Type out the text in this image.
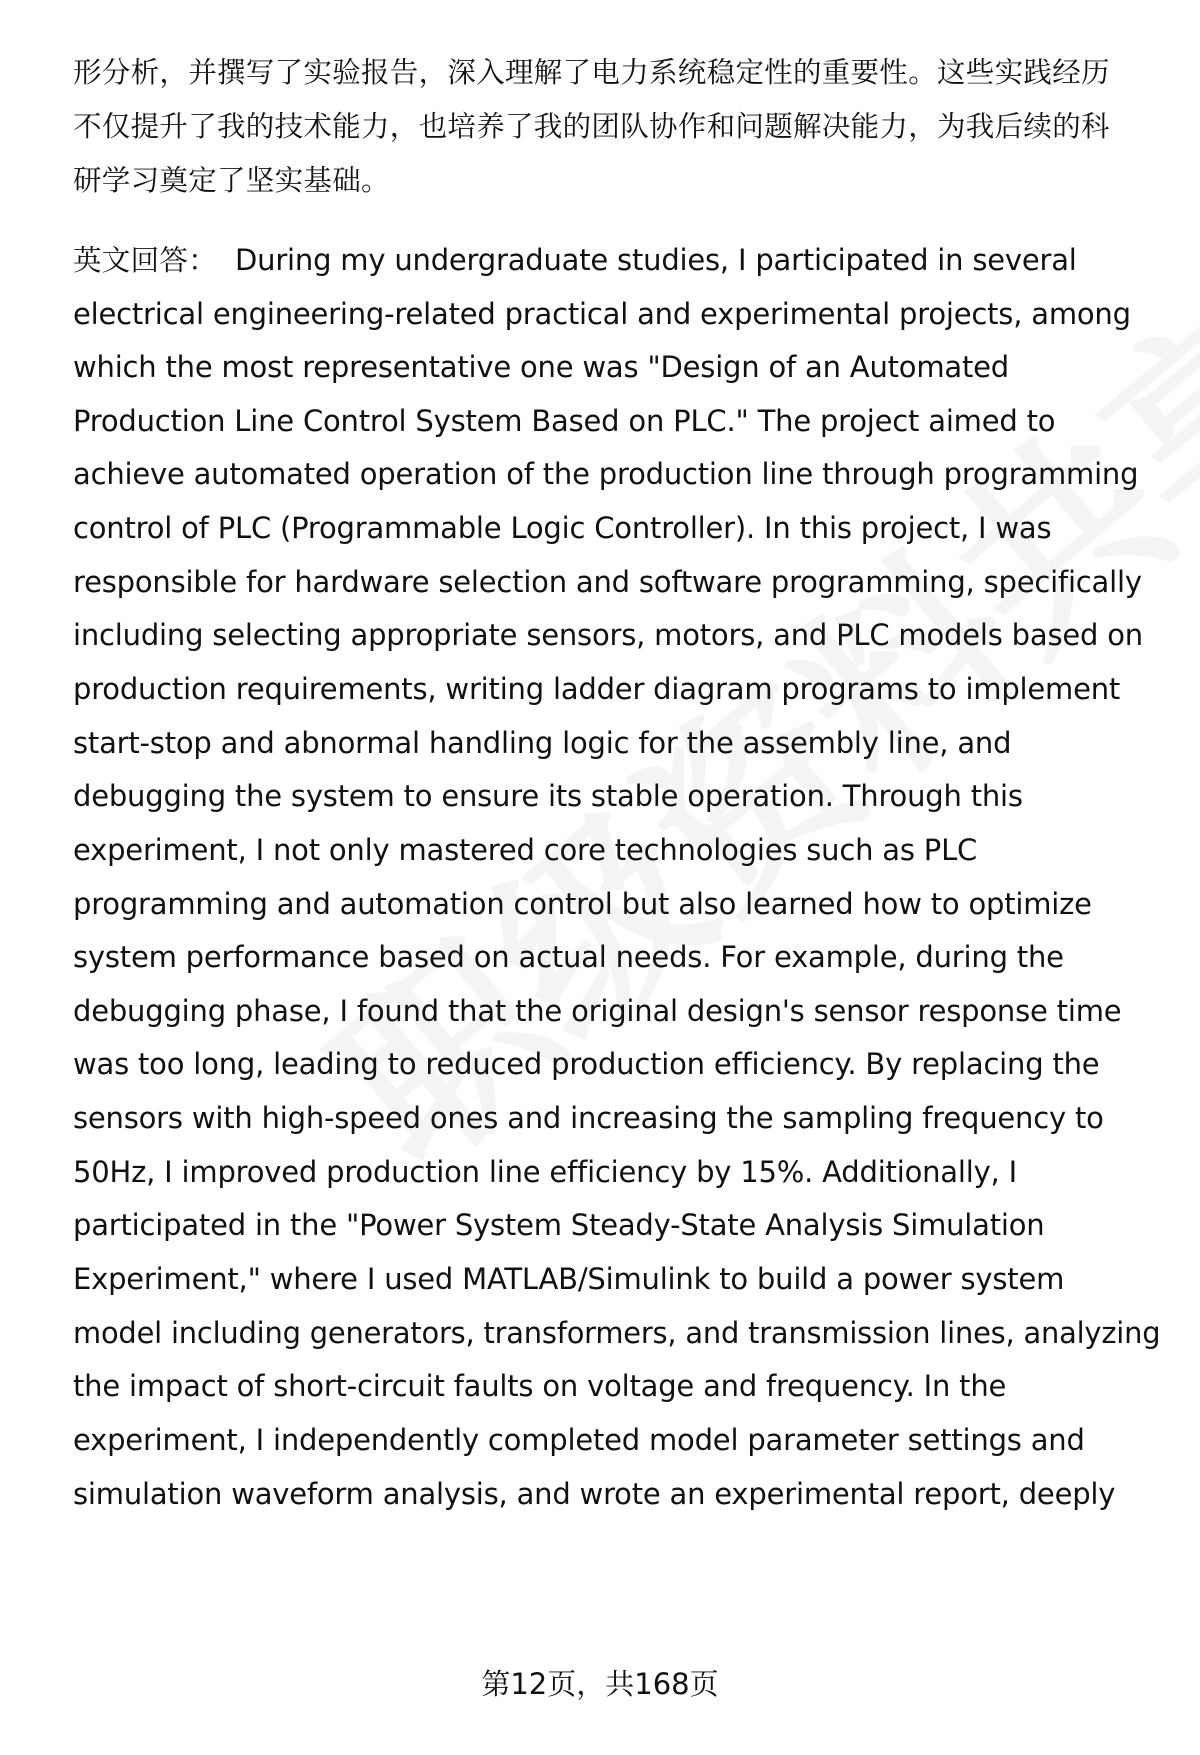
形分析，并撰写了实验报告，深入理解了电力系统稳定性的重要性。这些实践经历
不仅提升了我的技术能力，也培养了我的团队协作和问题解决能力，为我后续的科
研学习奠定了坚实基础。
英文回答： During my undergraduate studies, I participated in several
electrical engineering-related practical and experimental projects, among
which the most representative one was "Design of an Automated
Production Line Control System Based on PLC." The project aimed to
achieve automated operation of the production line through programming
control of PLC (Programmable Logic Controller). In this project, I was
responsible for hardware selection and software programming, specifically
including selecting appropriate sensors, motors, and PLC models based on
production requirements, writing ladder diagram programs to implement
start-stop and abnormal handling logic for the assembly line, and
debugging the system to ensure its stable operation. Through this
experiment, I not only mastered core technologies such as PLC
programming and automation control but also learned how to optimize
system performance based on actual needs. For example, during the
debugging phase, I found that the original design's sensor response time
was too long, leading to reduced production efficiency. By replacing the
sensors with high-speed ones and increasing the sampling frequency to
50Hz, I improved production line efficiency by 15%. Additionally, I
participated in the "Power System Steady-State Analysis Simulation
Experiment," where I used MATLAB/Simulink to build a power system
model including generators, transformers, and transmission lines, analyzing
the impact of short-circuit faults on voltage and frequency. In the
experiment, I independently completed model parameter settings and
simulation waveform analysis, and wrote an experimental report, deeply
第12页，共168页
